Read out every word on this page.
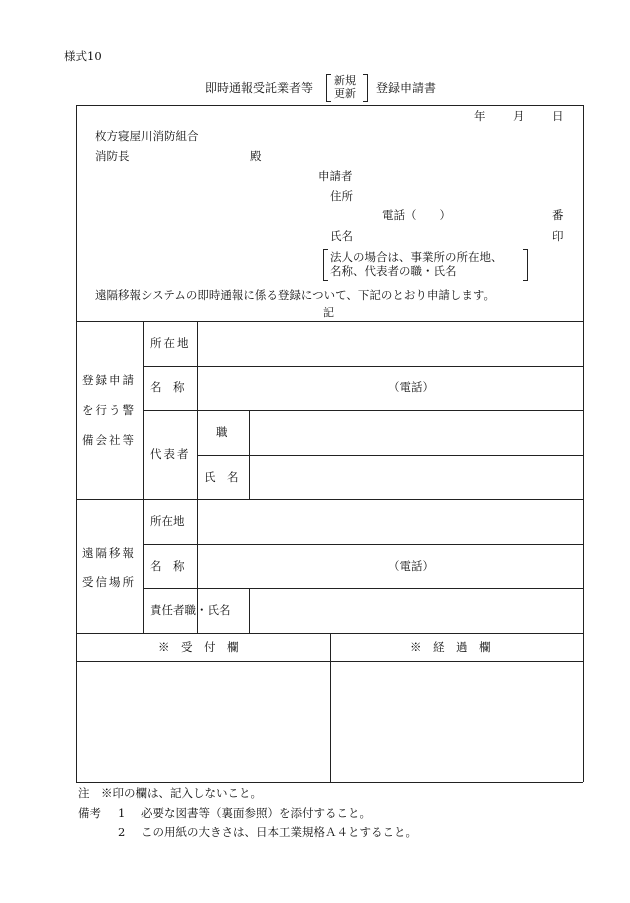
様式10
即時通報受託業者等
新規
更新 登録申請書
年 月 日
枚方寝屋川消防組合
消防長	殿
申請者
住所
電話（　　）	番
氏名	印
法人の場合は、事業所の所在地、
名称、代表者の職・氏名
遠隔移報システムの即時通報に係る登録について、下記のとおり申請します。
記
登録申請
を行う警
備会社等
所在地
名　称	（電話）
代表者
職
氏　名
遠隔移報
受信場所
所在地
名　称	（電話）
責任者職・氏名
※　受　付　欄	※　経　過　欄
注 ※印の欄は、記入しないこと。
備考 1 必要な図書等（裏面参照）を添付すること。
2 この用紙の大きさは、日本工業規格Ａ４とすること。
